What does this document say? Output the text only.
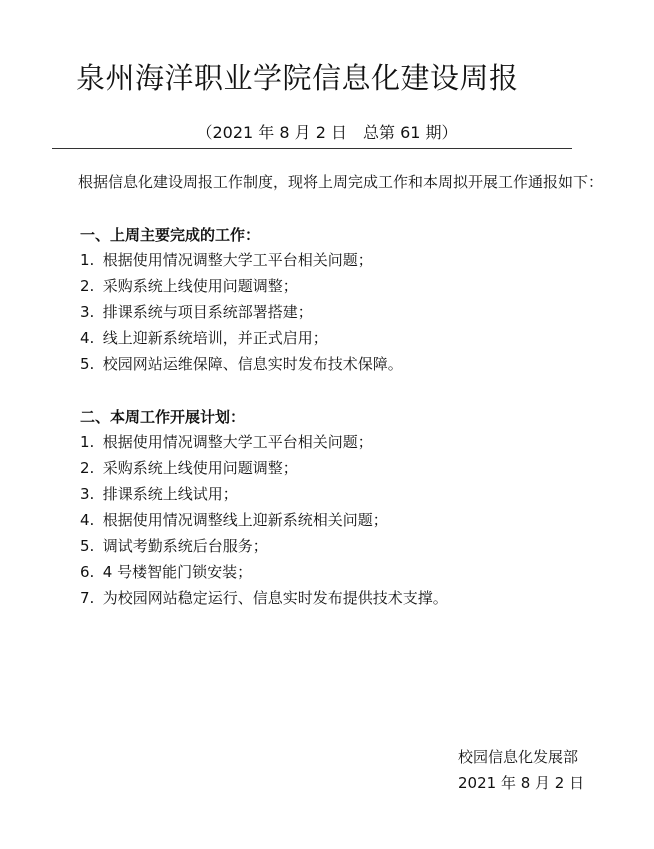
泉州海洋职业学院信息化建设周报
（2021 年 8 月 2 日　总第 61 期）

根据信息化建设周报工作制度，现将上周完成工作和本周拟开展工作通报如下：

一、上周主要完成的工作：
1. 根据使用情况调整大学工平台相关问题；
2. 采购系统上线使用问题调整；
3. 排课系统与项目系统部署搭建；
4. 线上迎新系统培训，并正式启用；
5. 校园网站运维保障、信息实时发布技术保障。
二、本周工作开展计划：
1. 根据使用情况调整大学工平台相关问题；
2. 采购系统上线使用问题调整；
3. 排课系统上线试用；
4. 根据使用情况调整线上迎新系统相关问题；
5. 调试考勤系统后台服务；
6. 4 号楼智能门锁安装；
7. 为校园网站稳定运行、信息实时发布提供技术支撑。
校园信息化发展部
2021 年 8 月 2 日
